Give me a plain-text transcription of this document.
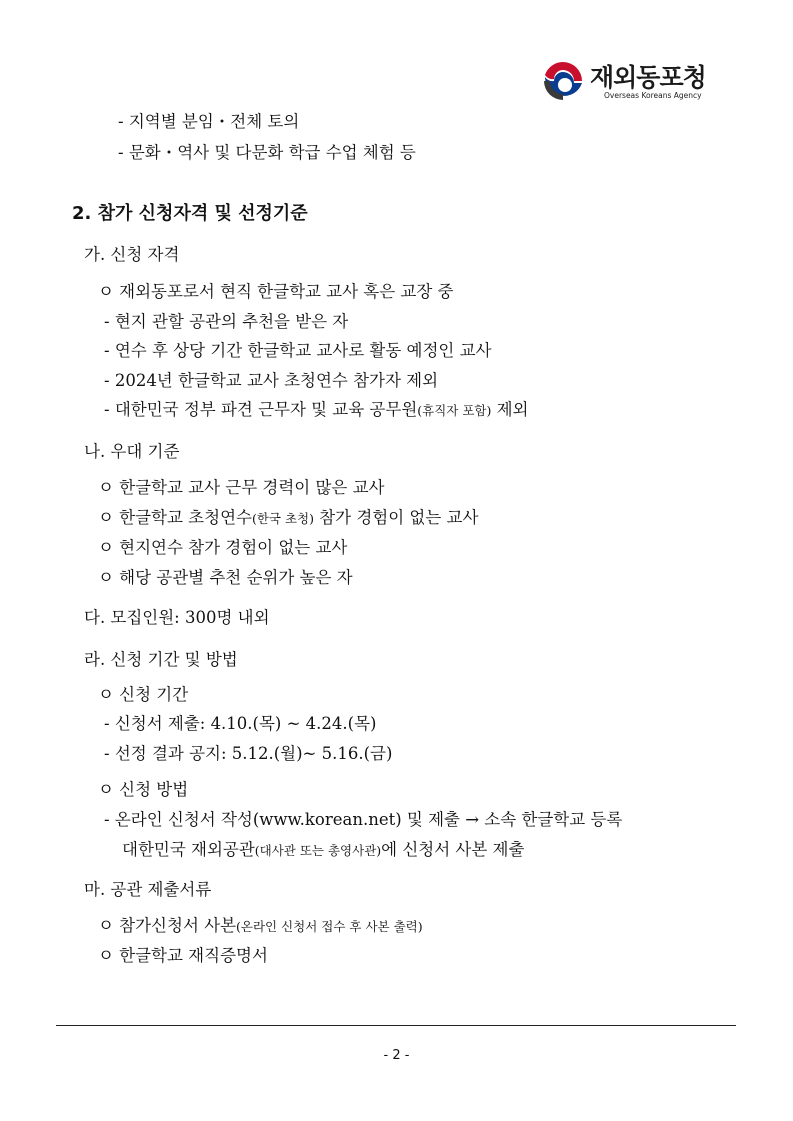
재외동포청
Overseas Koreans Agency
- 지역별 분임・전체 토의
- 문화・역사 및 다문화 학급 수업 체험 등
2. 참가 신청자격 및 선정기준
가. 신청 자격
ㅇ 재외동포로서 현직 한글학교 교사 혹은 교장 중
- 현지 관할 공관의 추천을 받은 자
- 연수 후 상당 기간 한글학교 교사로 활동 예정인 교사
- 2024년 한글학교 교사 초청연수 참가자 제외
- 대한민국 정부 파견 근무자 및 교육 공무원(휴직자 포함) 제외
나. 우대 기준
ㅇ 한글학교 교사 근무 경력이 많은 교사
ㅇ 한글학교 초청연수(한국 초청) 참가 경험이 없는 교사
ㅇ 현지연수 참가 경험이 없는 교사
ㅇ 해당 공관별 추천 순위가 높은 자
다. 모집인원: 300명 내외
라. 신청 기간 및 방법
ㅇ 신청 기간
- 신청서 제출: 4.10.(목) ~ 4.24.(목)
- 선정 결과 공지: 5.12.(월)~ 5.16.(금)
ㅇ 신청 방법
- 온라인 신청서 작성(www.korean.net) 및 제출 → 소속 한글학교 등록
대한민국 재외공관(대사관 또는 총영사관)에 신청서 사본 제출
마. 공관 제출서류
ㅇ 참가신청서 사본(온라인 신청서 접수 후 사본 출력)
ㅇ 한글학교 재직증명서
- 2 -
